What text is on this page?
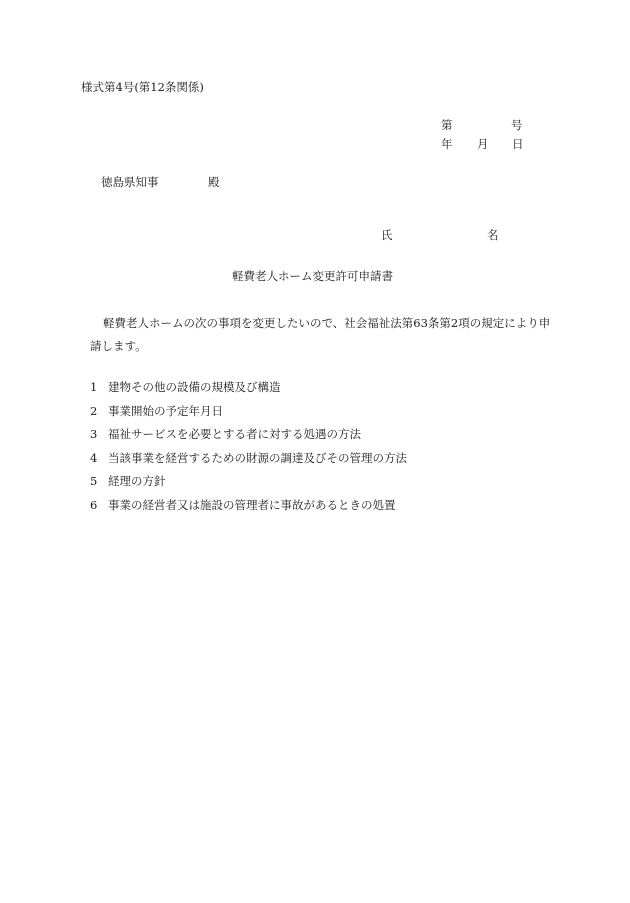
様式第4号(第12条関係)
第	号
年 月 日
徳島県知事	殿
氏	名
軽費老人ホーム変更許可申請書
軽費老人ホームの次の事項を変更したいので、社会福祉法第63条第2項の規定により申
請します。
1 建物その他の設備の規模及び構造
2 事業開始の予定年月日
3 福祉サービスを必要とする者に対する処遇の方法
4 当該事業を経営するための財源の調達及びその管理の方法
5 経理の方針
6 事業の経営者又は施設の管理者に事故があるときの処置
